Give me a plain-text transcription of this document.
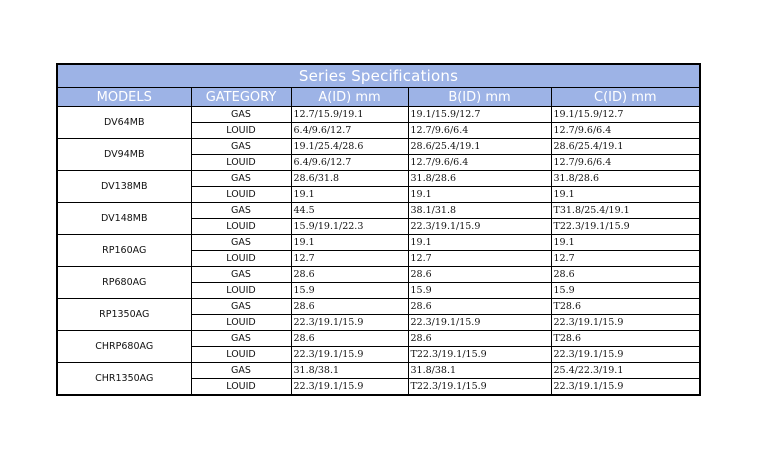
Series Specifications				
MODELS	GATEGORY	A(ID) mm	B(ID) mm	C(ID) mm
DV64MB	GAS	12.7/15.9/19.1	19.1/15.9/12.7	19.1/15.9/12.7
	LOUID	6.4/9.6/12.7	12.7/9.6/6.4	12.7/9.6/6.4
DV94MB	GAS	19.1/25.4/28.6	28.6/25.4/19.1	28.6/25.4/19.1
	LOUID	6.4/9.6/12.7	12.7/9.6/6.4	12.7/9.6/6.4
DV138MB	GAS	28.6/31.8	31.8/28.6	31.8/28.6
	LOUID	19.1	19.1	19.1
DV148MB	GAS	44.5	38.1/31.8	T31.8/25.4/19.1
	LOUID	15.9/19.1/22.3	22.3/19.1/15.9	T22.3/19.1/15.9
RP160AG	GAS	19.1	19.1	19.1
	LOUID	12.7	12.7	12.7
RP680AG	GAS	28.6	28.6	28.6
	LOUID	15.9	15.9	15.9
RP1350AG	GAS	28.6	28.6	T28.6
	LOUID	22.3/19.1/15.9	22.3/19.1/15.9	22.3/19.1/15.9
CHRP680AG	GAS	28.6	28.6	T28.6
	LOUID	22.3/19.1/15.9	T22.3/19.1/15.9	22.3/19.1/15.9
CHR1350AG	GAS	31.8/38.1	31.8/38.1	25.4/22.3/19.1
	LOUID	22.3/19.1/15.9	T22.3/19.1/15.9	22.3/19.1/15.9
